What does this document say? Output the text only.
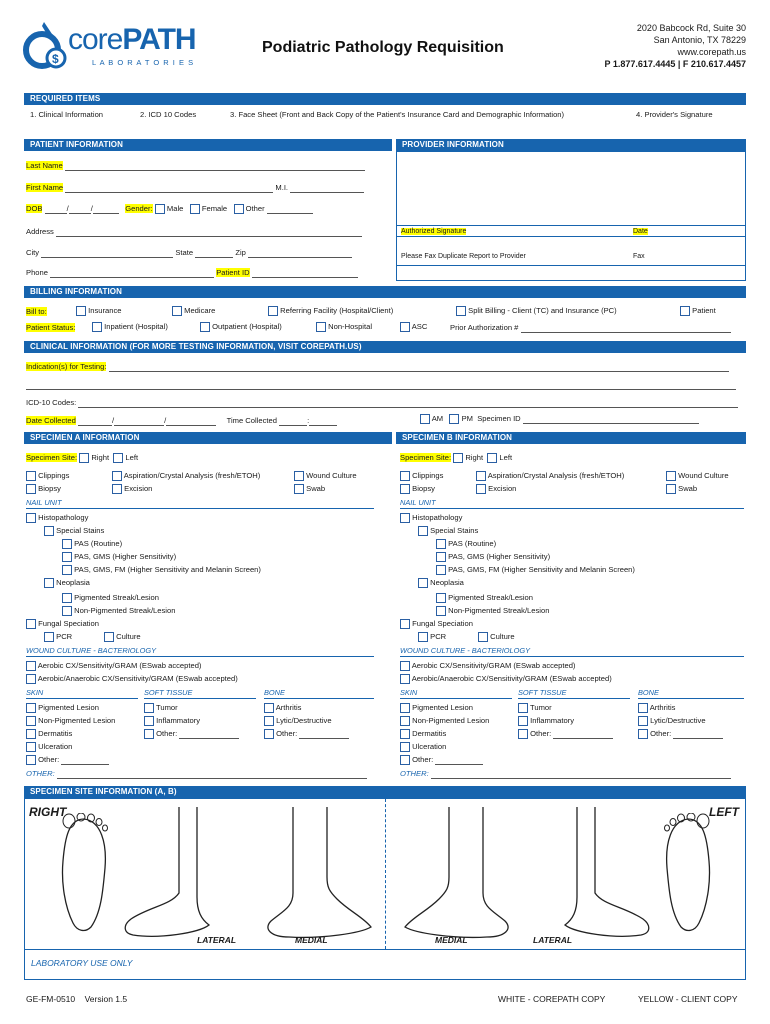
$
corePATH
L A B O R A T O R I E S
Podiatric Pathology Requisition
2020 Babcock Rd, Suite 30
San Antonio, TX 78229
www.corepath.us
P 1.877.617.4445 | F 210.617.4457
REQUIRED ITEMS
1. Clinical Information	2. ICD 10 Codes	3. Face Sheet (Front and Back Copy of the Patient's Insurance Card and Demographic Information)	4. Provider's Signature
PATIENT INFORMATION	PROVIDER INFORMATION
Last Name
First Name	M.I.
DOB	/	/	Gender: Male Female Other
Address
City	State	Zip
Phone	Patient ID
Authorized Signature	Date
Please Fax Duplicate Report to Provider	Fax
BILLING INFORMATION
Bill to:	Insurance	Medicare	Referring Facility (Hospital/Client)	Split Billing - Client (TC) and Insurance (PC)	Patient
Patient Status:	Inpatient (Hospital)	Outpatient (Hospital)	Non-Hospital	ASC	Prior Authorization #
CLINICAL INFORMATION (FOR MORE TESTING INFORMATION, VISIT COREPATH.US)
Indication(s) for Testing:
ICD-10 Codes:
Date Collected	/	/	Time Collected	:	AM PM Specimen ID
SPECIMEN A INFORMATION	SPECIMEN B INFORMATION
Specimen Site: Right Left
Clippings
Biopsy
Aspiration/Crystal Analysis (fresh/ETOH)
Excision
Wound Culture
Swab
NAIL UNIT
Histopathology
Special Stains
PAS (Routine)
PAS, GMS (Higher Sensitivity)
PAS, GMS, FM (Higher Sensitivity and Melanin Screen)
Neoplasia
Pigmented Streak/Lesion
Non-Pigmented Streak/Lesion
Fungal Speciation
PCR	Culture
WOUND CULTURE - BACTERIOLOGY
Aerobic CX/Sensitivity/GRAM (ESwab accepted)
Aerobic/Anaerobic CX/Sensitivity/GRAM (ESwab accepted)
SKIN	SOFT TISSUE	BONE
Pigmented Lesion
Non-Pigmented Lesion
Dermatitis
Ulceration
Other:
Tumor
Inflammatory
Other:
Arthritis
Lytic/Destructive
Other:
OTHER:
Specimen Site: Right Left
Clippings
Biopsy
Aspiration/Crystal Analysis (fresh/ETOH)
Excision
Wound Culture
Swab
NAIL UNIT
Histopathology
Special Stains
PAS (Routine)
PAS, GMS (Higher Sensitivity)
PAS, GMS, FM (Higher Sensitivity and Melanin Screen)
Neoplasia
Pigmented Streak/Lesion
Non-Pigmented Streak/Lesion
Fungal Speciation
PCR	Culture
WOUND CULTURE - BACTERIOLOGY
Aerobic CX/Sensitivity/GRAM (ESwab accepted)
Aerobic/Anaerobic CX/Sensitivity/GRAM (ESwab accepted)
SKIN	SOFT TISSUE	BONE
Pigmented Lesion
Non-Pigmented Lesion
Dermatitis
Ulceration
Other:
Tumor
Inflammatory
Other:
Arthritis
Lytic/Destructive
Other:
OTHER:
SPECIMEN SITE INFORMATION (A, B)
RIGHT	LEFT
LATERAL	MEDIAL	MEDIAL	LATERAL
LABORATORY USE ONLY
GE-FM-0510 Version 1.5	WHITE - COREPATH COPY	YELLOW - CLIENT COPY
